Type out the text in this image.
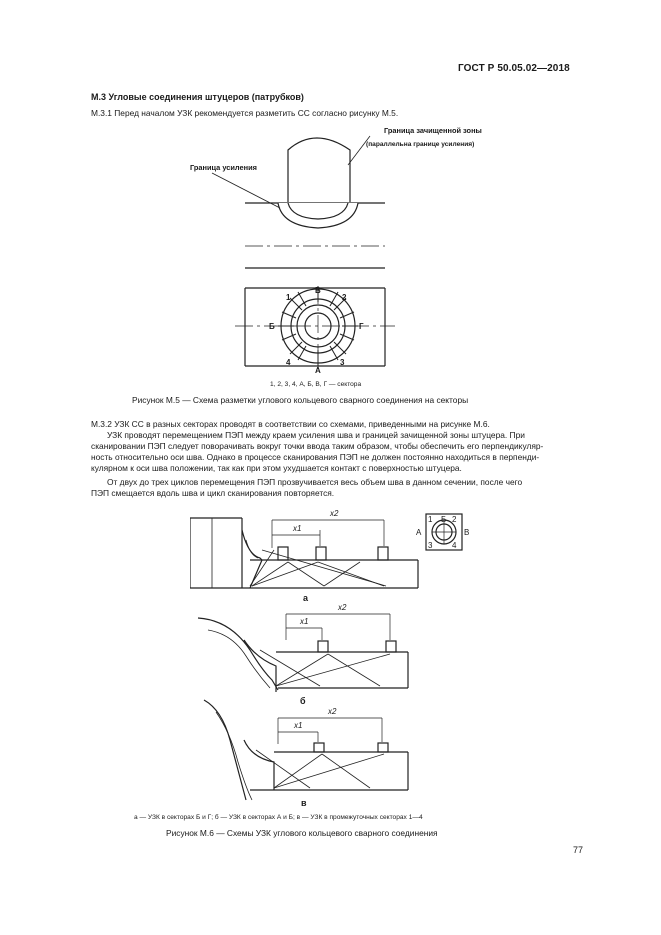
ГОСТ Р 50.05.02—2018
М.3 Угловые соединения штуцеров (патрубков)
М.3.1 Перед началом УЗК рекомендуется разметить СС согласно рисунку М.5.
В
А
Б	Г
1	2
3
4
Граница зачищенной зоны
(параллельна границе усиления)
Граница усиления
1, 2, 3, 4, А, Б, В, Г — сектора
Рисунок М.5 — Схема разметки углового кольцевого сварного соединения на секторы
М.3.2 УЗК СС в разных секторах проводят в соответствии со схемами, приведенными на рисунке М.6.
УЗК проводят перемещением ПЭП между краем усиления шва и границей зачищенной зоны штуцера. При
сканировании ПЭП следует поворачивать вокруг точки ввода таким образом, чтобы обеспечить его перпендикуляр-
ность относительно оси шва. Однако в процессе сканирования ПЭП не должен постоянно находиться в перпенди-
кулярном к оси шва положении, так как при этом ухудшается контакт с поверхностью штуцера.
От двух до трех циклов перемещения ПЭП прозвучивается весь объем шва в данном сечении, после чего
ПЭП смещается вдоль шва и цикл сканирования повторяется.
x2
x1
а
1 Б 2
А	В
3 4
x2
x1
б
x2
x1
в
а — УЗК в секторах Б и Г; б — УЗК в секторах А и Б; в — УЗК в промежуточных секторах 1—4
Рисунок М.6 — Схемы УЗК углового кольцевого сварного соединения
77
